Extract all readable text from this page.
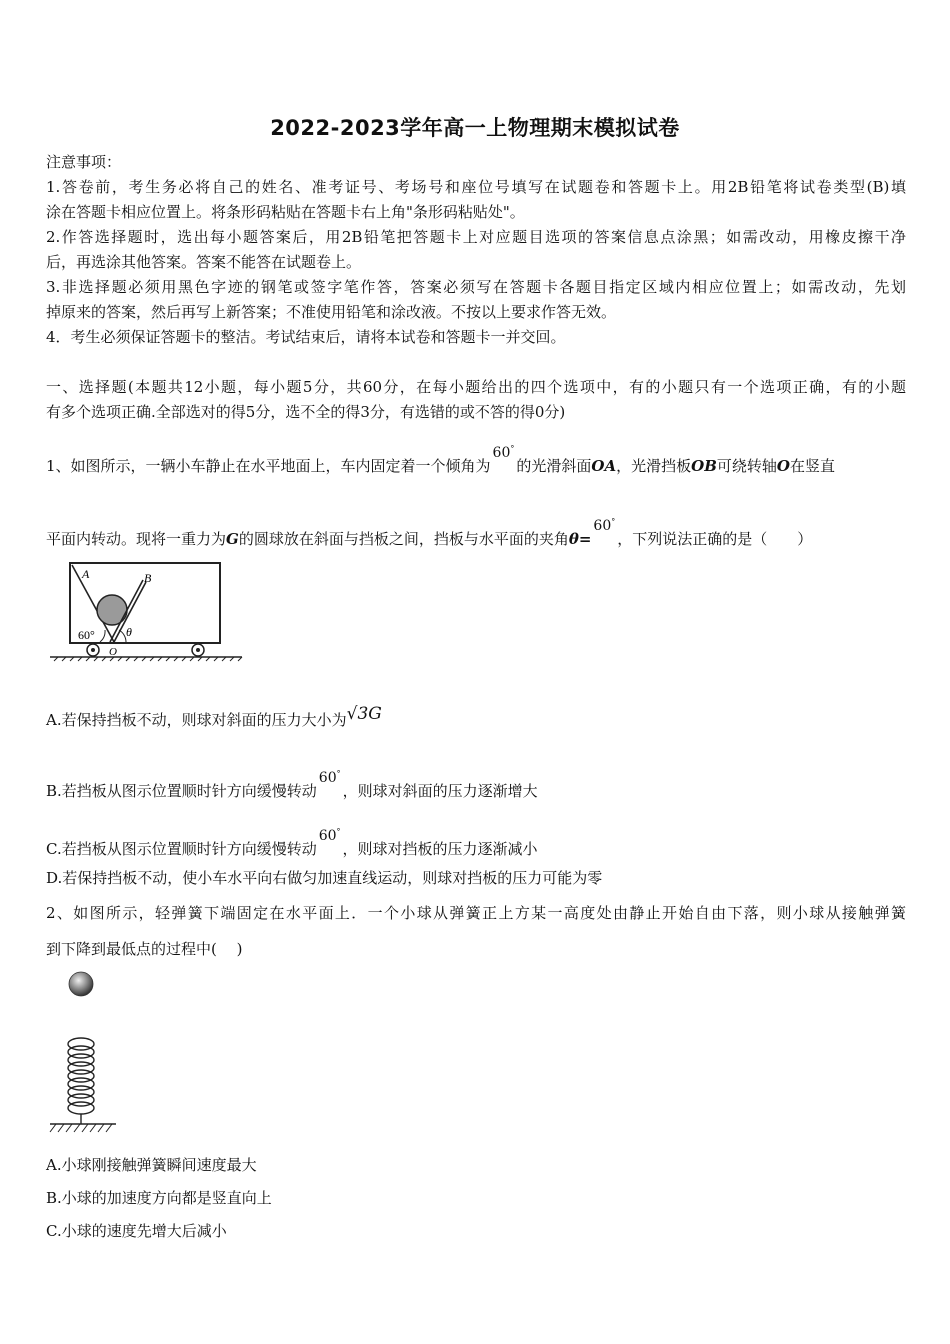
2022-2023学年高一上物理期末模拟试卷
注意事项：
1.答卷前，考生务必将自己的姓名、准考证号、考场号和座位号填写在试题卷和答题卡上。用2B铅笔将试卷类型(B)填
涂在答题卡相应位置上。将条形码粘贴在答题卡右上角"条形码粘贴处"。
2.作答选择题时，选出每小题答案后，用2B铅笔把答题卡上对应题目选项的答案信息点涂黑；如需改动，用橡皮擦干净
后，再选涂其他答案。答案不能答在试题卷上。
3.非选择题必须用黑色字迹的钢笔或签字笔作答，答案必须写在答题卡各题目指定区域内相应位置上；如需改动，先划
掉原来的答案，然后再写上新答案；不准使用铅笔和涂改液。不按以上要求作答无效。
4．考生必须保证答题卡的整洁。考试结束后，请将本试卷和答题卡一并交回。
一、选择题(本题共12小题，每小题5分，共60分，在每小题给出的四个选项中，有的小题只有一个选项正确，有的小题
有多个选项正确.全部选对的得5分，选不全的得3分，有选错的或不答的得0分)
1、如图所示，一辆小车静止在水平地面上，车内固定着一个倾角为$^{60^\circ}$的光滑斜面OA，光滑挡板OB可绕转轴O在竖直
平面内转动。现将一重力为G的圆球放在斜面与挡板之间，挡板与水平面的夹角θ=$^{60^\circ}$，下列说法正确的是（　　）
A	B
60°	θ
O
A.若保持挡板不动，则球对斜面的压力大小为√3G
B.若挡板从图示位置顺时针方向缓慢转动$^{60^\circ}$，则球对斜面的压力逐渐增大
C.若挡板从图示位置顺时针方向缓慢转动$^{60^\circ}$，则球对挡板的压力逐渐减小
D.若保持挡板不动，使小车水平向右做匀加速直线运动，则球对挡板的压力可能为零
2、如图所示，轻弹簧下端固定在水平面上．一个小球从弹簧正上方某一高度处由静止开始自由下落，则小球从接触弹簧
到下降到最低点的过程中(　 )
A.小球刚接触弹簧瞬间速度最大
B.小球的加速度方向都是竖直向上
C.小球的速度先增大后减小
